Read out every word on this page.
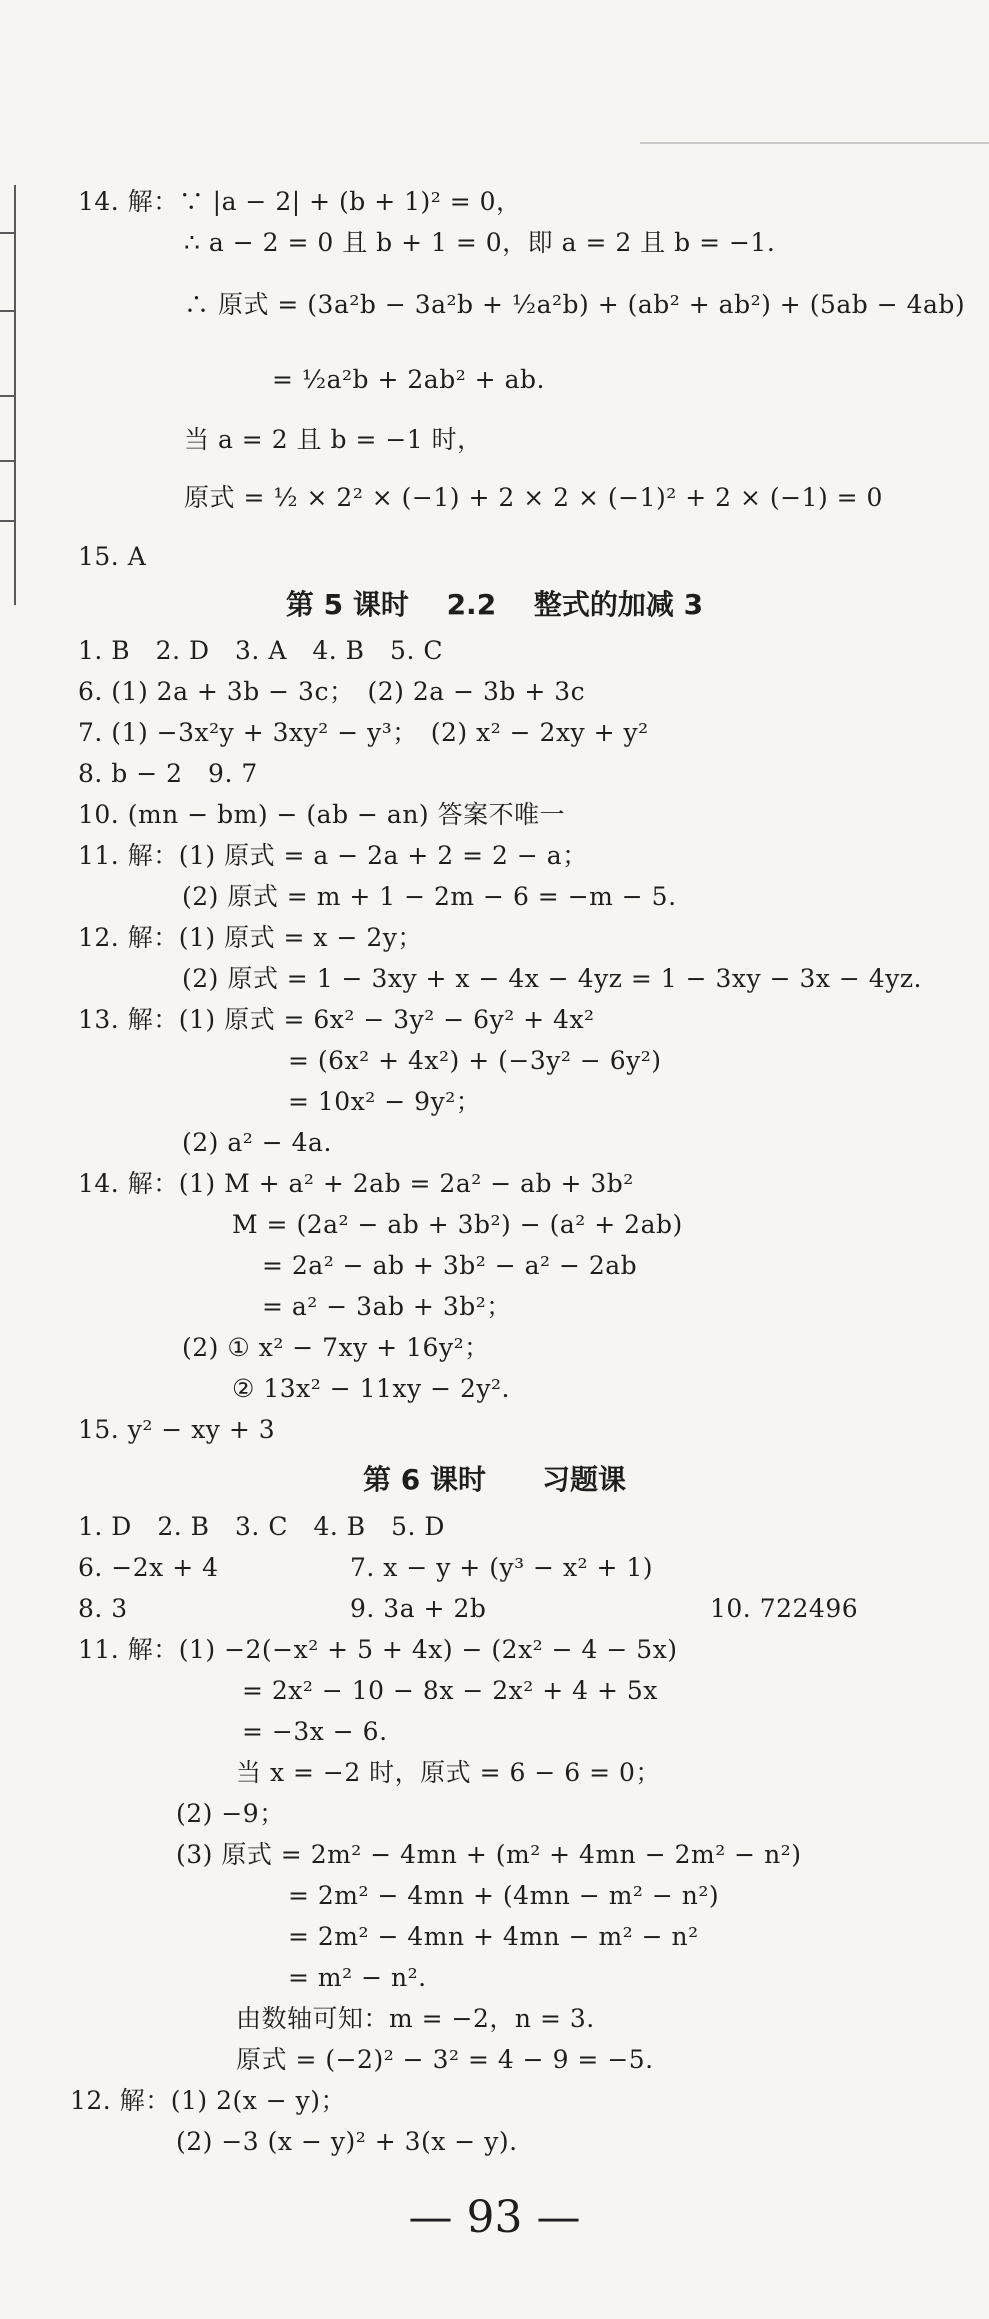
14. 解：∵ |a − 2| + (b + 1)² = 0，
∴ a − 2 = 0 且 b + 1 = 0，即 a = 2 且 b = −1.
∴ 原式 = (3a²b − 3a²b + ½a²b) + (ab² + ab²) + (5ab − 4ab)
= ½a²b + 2ab² + ab.
当 a = 2 且 b = −1 时，
原式 = ½ × 2² × (−1) + 2 × 2 × (−1)² + 2 × (−1) = 0
15. A
第 5 课时　 2.2　 整式的加减 3
1. B　2. D　3. A　4. B　5. C
6. (1) 2a + 3b − 3c；　(2) 2a − 3b + 3c
7. (1) −3x²y + 3xy² − y³；　(2) x² − 2xy + y²
8. b − 2　9. 7
10. (mn − bm) − (ab − an) 答案不唯一
11. 解：(1) 原式 = a − 2a + 2 = 2 − a；
(2) 原式 = m + 1 − 2m − 6 = −m − 5.
12. 解：(1) 原式 = x − 2y；
(2) 原式 = 1 − 3xy + x − 4x − 4yz = 1 − 3xy − 3x − 4yz.
13. 解：(1) 原式 = 6x² − 3y² − 6y² + 4x²
= (6x² + 4x²) + (−3y² − 6y²)
= 10x² − 9y²；
(2) a² − 4a.
14. 解：(1) M + a² + 2ab = 2a² − ab + 3b²
M = (2a² − ab + 3b²) − (a² + 2ab)
= 2a² − ab + 3b² − a² − 2ab
= a² − 3ab + 3b²；
(2) ① x² − 7xy + 16y²；
② 13x² − 11xy − 2y².
15. y² − xy + 3
第 6 课时　　习题课
1. D　2. B　3. C　4. B　5. D
6. −2x + 4	7. x − y + (y³ − x² + 1)
8. 3	9. 3a + 2b	10. 722496
11. 解：(1) −2(−x² + 5 + 4x) − (2x² − 4 − 5x)
= 2x² − 10 − 8x − 2x² + 4 + 5x
= −3x − 6.
当 x = −2 时，原式 = 6 − 6 = 0；
(2) −9；
(3) 原式 = 2m² − 4mn + (m² + 4mn − 2m² − n²)
= 2m² − 4mn + (4mn − m² − n²)
= 2m² − 4mn + 4mn − m² − n²
= m² − n².
由数轴可知：m = −2，n = 3.
原式 = (−2)² − 3² = 4 − 9 = −5.
12. 解：(1) 2(x − y)；
(2) −3 (x − y)² + 3(x − y).
— 93 —
